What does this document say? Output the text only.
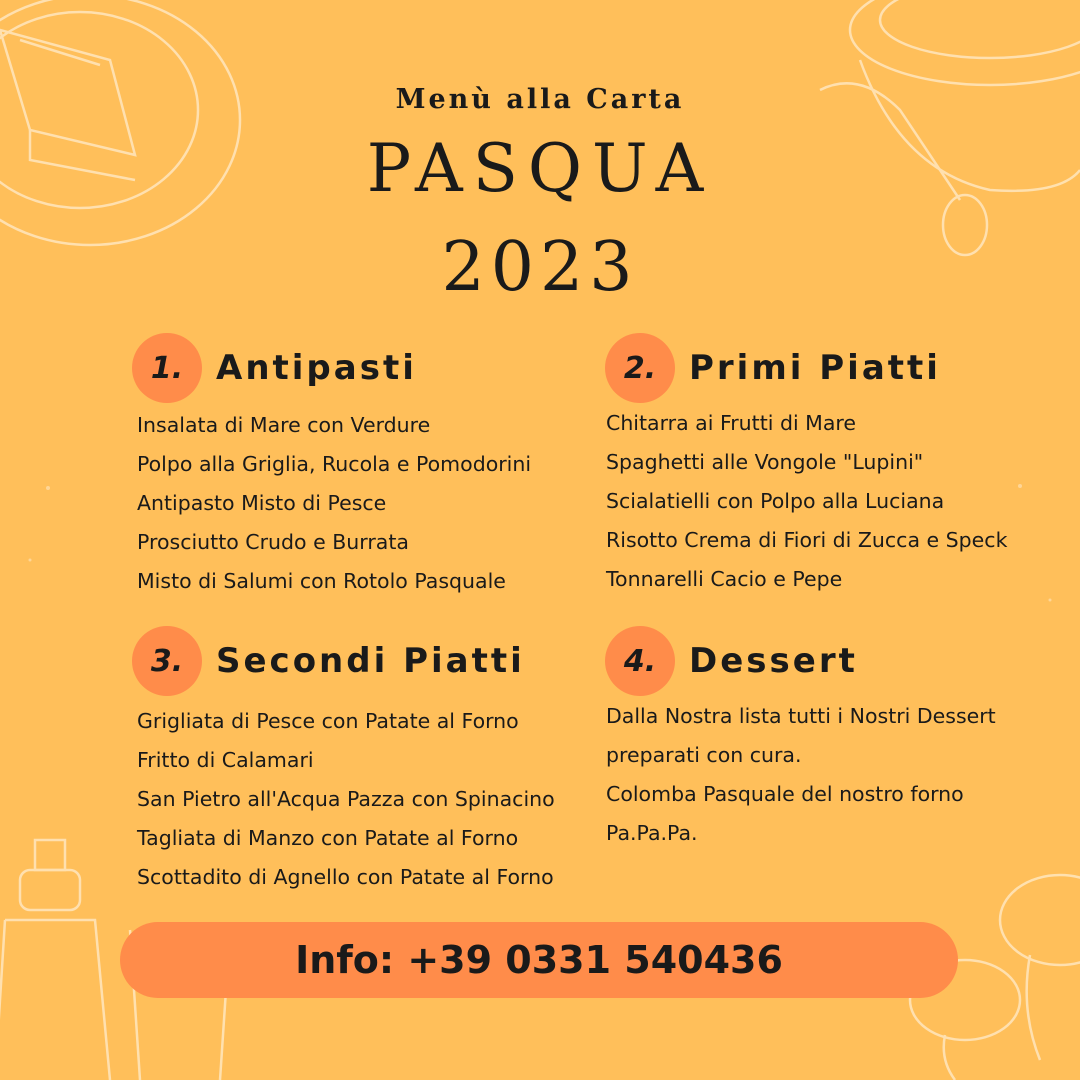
Menù alla Carta
PASQUA
2023
1. Antipasti
Insalata di Mare con Verdure
Polpo alla Griglia, Rucola e Pomodorini
Antipasto Misto di Pesce
Prosciutto Crudo e Burrata
Misto di Salumi con Rotolo Pasquale
2. Primi Piatti
Chitarra ai Frutti di Mare
Spaghetti alle Vongole "Lupini"
Scialatielli con Polpo alla Luciana
Risotto Crema di Fiori di Zucca e Speck
Tonnarelli Cacio e Pepe
3. Secondi Piatti
Grigliata di Pesce con Patate al Forno
Fritto di Calamari
San Pietro all'Acqua Pazza con Spinacino
Tagliata di Manzo con Patate al Forno
Scottadito di Agnello con Patate al Forno
4. Dessert
Dalla Nostra lista tutti i Nostri Dessert
preparati con cura.
Colomba Pasquale del nostro forno
Pa.Pa.Pa.
Info: +39 0331 540436
